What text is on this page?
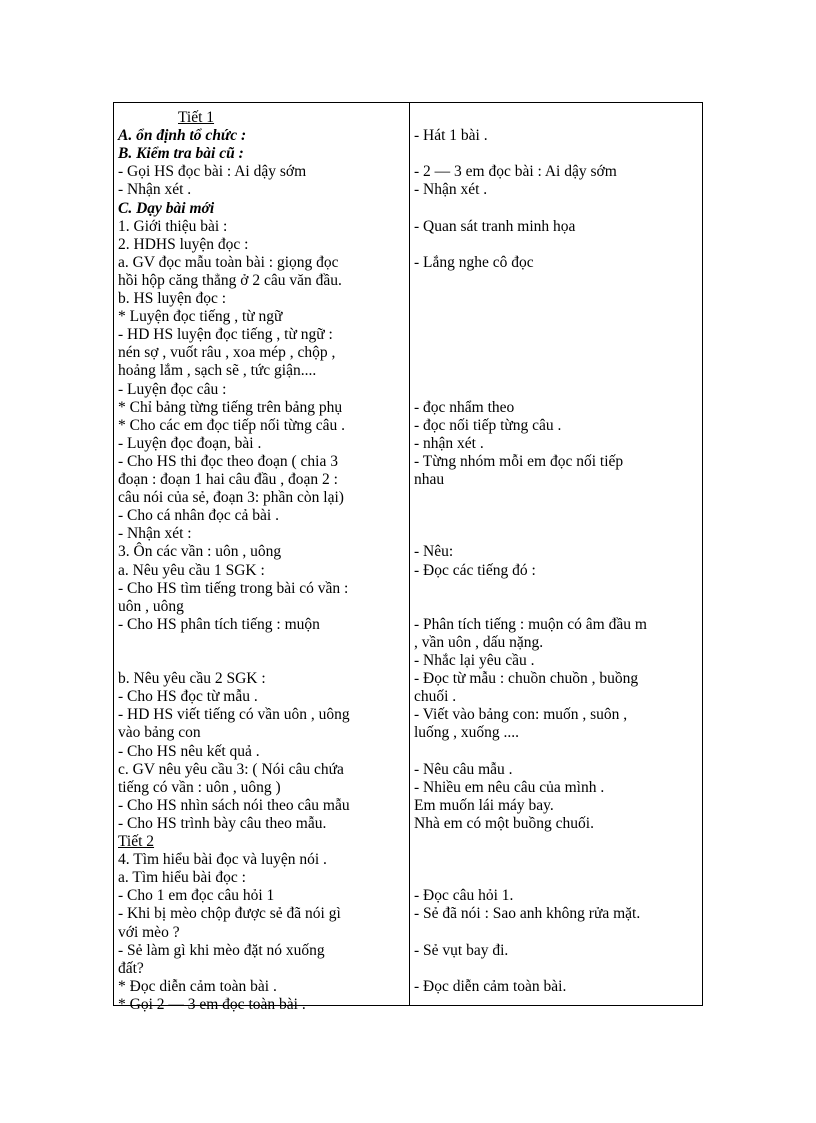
Tiết 1
A. ổn định tổ chức :
B. Kiểm tra bài cũ :
- Gọi HS đọc bài : Ai dậy sớm
- Nhận xét .
C. Dạy bài mới
1. Giới thiệu bài :
2. HDHS luyện đọc :
a. GV đọc mẫu toàn bài : giọng đọc
hồi hộp căng thẳng ở 2 câu văn đầu.
b. HS luyện đọc :
* Luyện đọc tiếng , từ ngữ
- HD HS luyện đọc tiếng , từ ngữ :
nén sợ , vuốt râu , xoa mép , chộp ,
hoảng lắm , sạch sẽ , tức giận....
- Luyện đọc câu :
* Chỉ bảng từng tiếng trên bảng phụ
* Cho các em đọc tiếp nối từng câu .
- Luyện đọc đoạn, bài .
- Cho HS thi đọc theo đoạn ( chia 3
đoạn : đoạn 1 hai câu đầu , đoạn 2 :
câu nói của sẻ, đoạn 3: phần còn lại)
- Cho cá nhân đọc cả bài .
- Nhận xét :
3. Ôn các vần : uôn , uông
a. Nêu yêu cầu 1 SGK :
- Cho HS tìm tiếng trong bài có vần :
uôn , uông
- Cho HS phân tích tiếng : muộn
b. Nêu yêu cầu 2 SGK :
- Cho HS đọc từ mẫu .
- HD HS viết tiếng có vần uôn , uông
vào bảng con
- Cho HS nêu kết quả .
c. GV nêu yêu cầu 3: ( Nói câu chứa
tiếng có vần : uôn , uông )
- Cho HS nhìn sách nói theo câu mẫu
- Cho HS trình bày câu theo mẫu.
Tiết 2
4. Tìm hiểu bài đọc và luyện nói .
a. Tìm hiểu bài đọc :
- Cho 1 em đọc câu hỏi 1
- Khi bị mèo chộp được sẻ đã nói gì
với mèo ?
- Sẻ làm gì khi mèo đặt nó xuống
đất?
* Đọc diễn cảm toàn bài .
* Gọi 2 — 3 em đọc toàn bài .
- Hát 1 bài .
- 2 — 3 em đọc bài : Ai dậy sớm
- Nhận xét .
- Quan sát tranh minh họa
- Lắng nghe cô đọc
- đọc nhẩm theo
- đọc nối tiếp từng câu .
- nhận xét .
- Từng nhóm mỗi em đọc nối tiếp
nhau
- Nêu:
- Đọc các tiếng đó :
- Phân tích tiếng : muộn có âm đầu m
, vần uôn , dấu nặng.
- Nhắc lại yêu cầu .
- Đọc từ mẫu : chuồn chuồn , buồng
chuối .
- Viết vào bảng con: muốn , suôn ,
luống , xuống ....
- Nêu câu mẫu .
- Nhiều em nêu câu của mình .
Em muốn lái máy bay.
Nhà em có một buồng chuối.
- Đọc câu hỏi 1.
- Sẻ đã nói : Sao anh không rửa mặt.
- Sẻ vụt bay đi.
- Đọc diễn cảm toàn bài.
